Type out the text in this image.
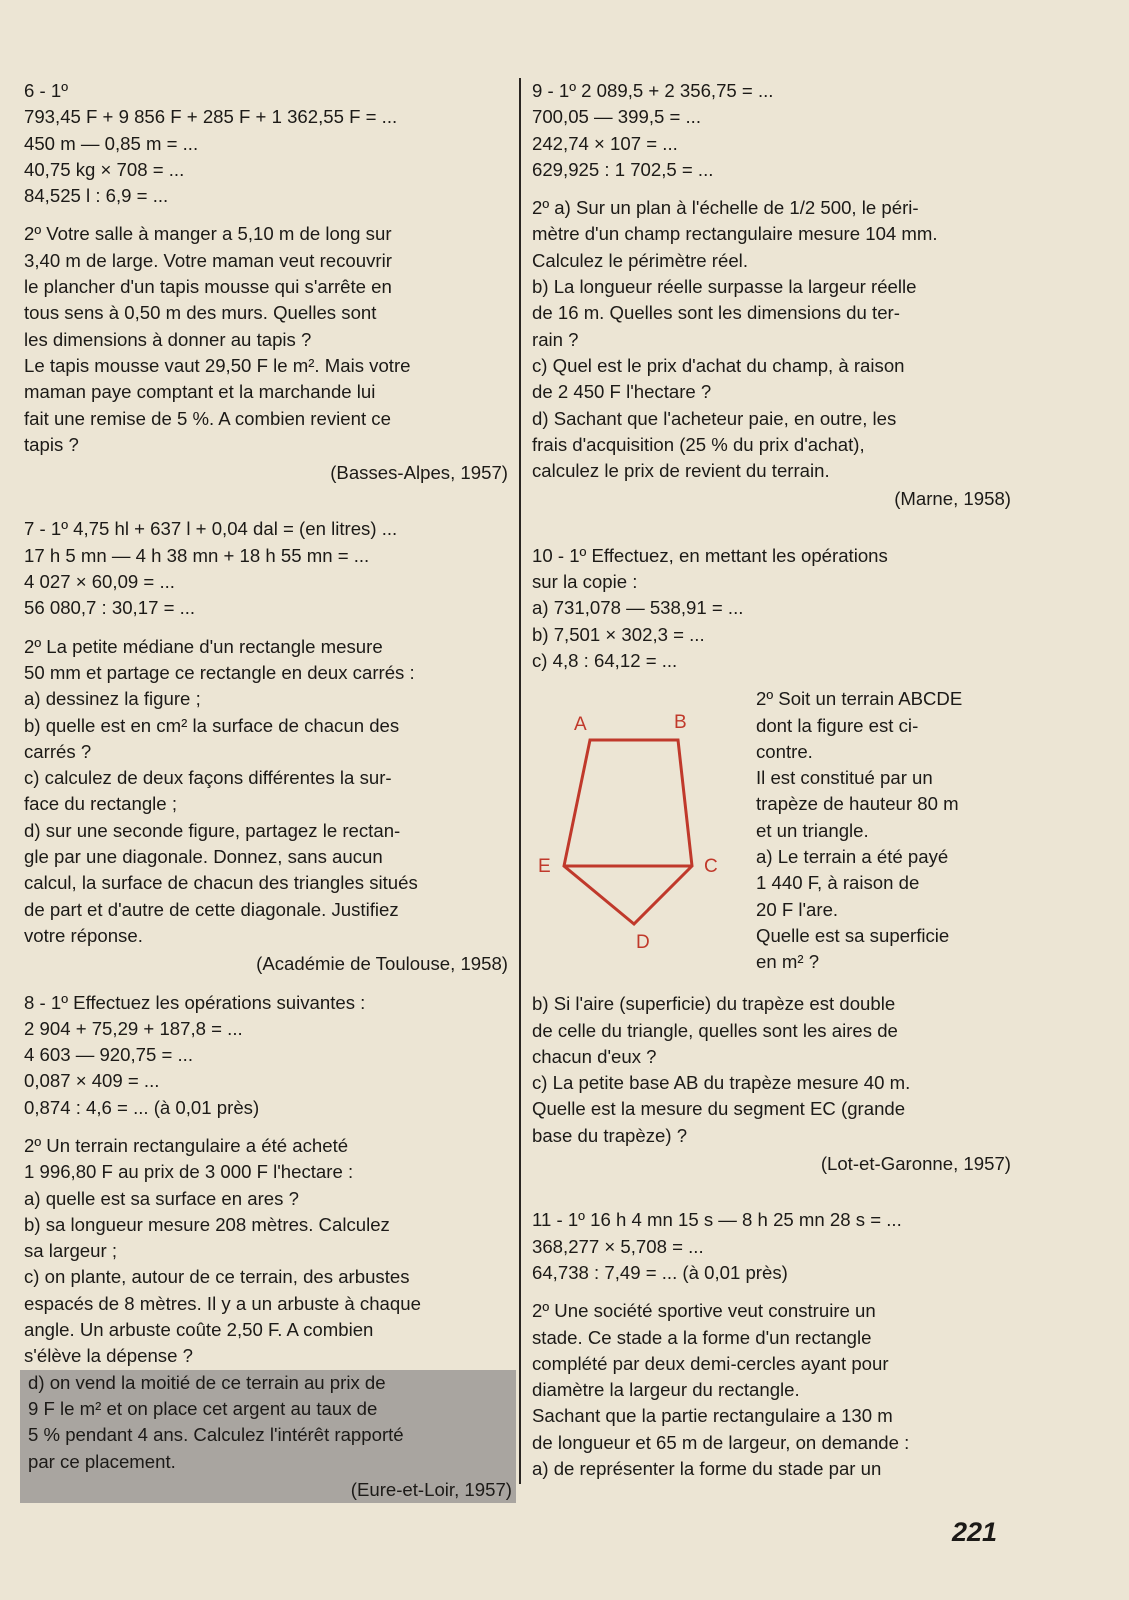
6 - 1º
793,45 F + 9 856 F + 285 F + 1 362,55 F = ...
450 m — 0,85 m = ...
40,75 kg × 708 = ...
84,525 l : 6,9 = ...
2º Votre salle à manger a 5,10 m de long sur
3,40 m de large. Votre maman veut recouvrir
le plancher d'un tapis mousse qui s'arrête en
tous sens à 0,50 m des murs. Quelles sont
les dimensions à donner au tapis ?
Le tapis mousse vaut 29,50 F le m². Mais votre
maman paye comptant et la marchande lui
fait une remise de 5 %. A combien revient ce
tapis ?
(Basses-Alpes, 1957)
7 - 1º 4,75 hl + 637 l + 0,04 dal = (en litres) ...
17 h 5 mn — 4 h 38 mn + 18 h 55 mn = ...
4 027 × 60,09 = ...
56 080,7 : 30,17 = ...
2º La petite médiane d'un rectangle mesure
50 mm et partage ce rectangle en deux carrés :
a) dessinez la figure ;
b) quelle est en cm² la surface de chacun des
carrés ?
c) calculez de deux façons différentes la sur-
face du rectangle ;
d) sur une seconde figure, partagez le rectan-
gle par une diagonale. Donnez, sans aucun
calcul, la surface de chacun des triangles situés
de part et d'autre de cette diagonale. Justifiez
votre réponse.
(Académie de Toulouse, 1958)
8 - 1º Effectuez les opérations suivantes :
2 904 + 75,29 + 187,8 = ...
4 603 — 920,75 = ...
0,087 × 409 = ...
0,874 : 4,6 = ... (à 0,01 près)
2º Un terrain rectangulaire a été acheté
1 996,80 F au prix de 3 000 F l'hectare :
a) quelle est sa surface en ares ?
b) sa longueur mesure 208 mètres. Calculez
sa largeur ;
c) on plante, autour de ce terrain, des arbustes
espacés de 8 mètres. Il y a un arbuste à chaque
angle. Un arbuste coûte 2,50 F. A combien
s'élève la dépense ?
d) on vend la moitié de ce terrain au prix de
9 F le m² et on place cet argent au taux de
5 % pendant 4 ans. Calculez l'intérêt rapporté
par ce placement.
(Eure-et-Loir, 1957)
9 - 1º 2 089,5 + 2 356,75 = ...
700,05 — 399,5 = ...
242,74 × 107 = ...
629,925 : 1 702,5 = ...
2º a) Sur un plan à l'échelle de 1/2 500, le péri-
mètre d'un champ rectangulaire mesure 104 mm.
Calculez le périmètre réel.
b) La longueur réelle surpasse la largeur réelle
de 16 m. Quelles sont les dimensions du ter-
rain ?
c) Quel est le prix d'achat du champ, à raison
de 2 450 F l'hectare ?
d) Sachant que l'acheteur paie, en outre, les
frais d'acquisition (25 % du prix d'achat),
calculez le prix de revient du terrain.
(Marne, 1958)
10 - 1º Effectuez, en mettant les opérations
sur la copie :
a) 731,078 — 538,91 = ...
b) 7,501 × 302,3 = ...
c) 4,8 : 64,12 = ...
A	B
C
D
E
2º Soit un terrain ABCDE
dont la figure est ci-
contre.
Il est constitué par un
trapèze de hauteur 80 m
et un triangle.
a) Le terrain a été payé
1 440 F, à raison de
20 F l'are.
Quelle est sa superficie
en m² ?
b) Si l'aire (superficie) du trapèze est double
de celle du triangle, quelles sont les aires de
chacun d'eux ?
c) La petite base AB du trapèze mesure 40 m.
Quelle est la mesure du segment EC (grande
base du trapèze) ?
(Lot-et-Garonne, 1957)
11 - 1º 16 h 4 mn 15 s — 8 h 25 mn 28 s = ...
368,277 × 5,708 = ...
64,738 : 7,49 = ... (à 0,01 près)
2º Une société sportive veut construire un
stade. Ce stade a la forme d'un rectangle
complété par deux demi-cercles ayant pour
diamètre la largeur du rectangle.
Sachant que la partie rectangulaire a 130 m
de longueur et 65 m de largeur, on demande :
a) de représenter la forme du stade par un
221
